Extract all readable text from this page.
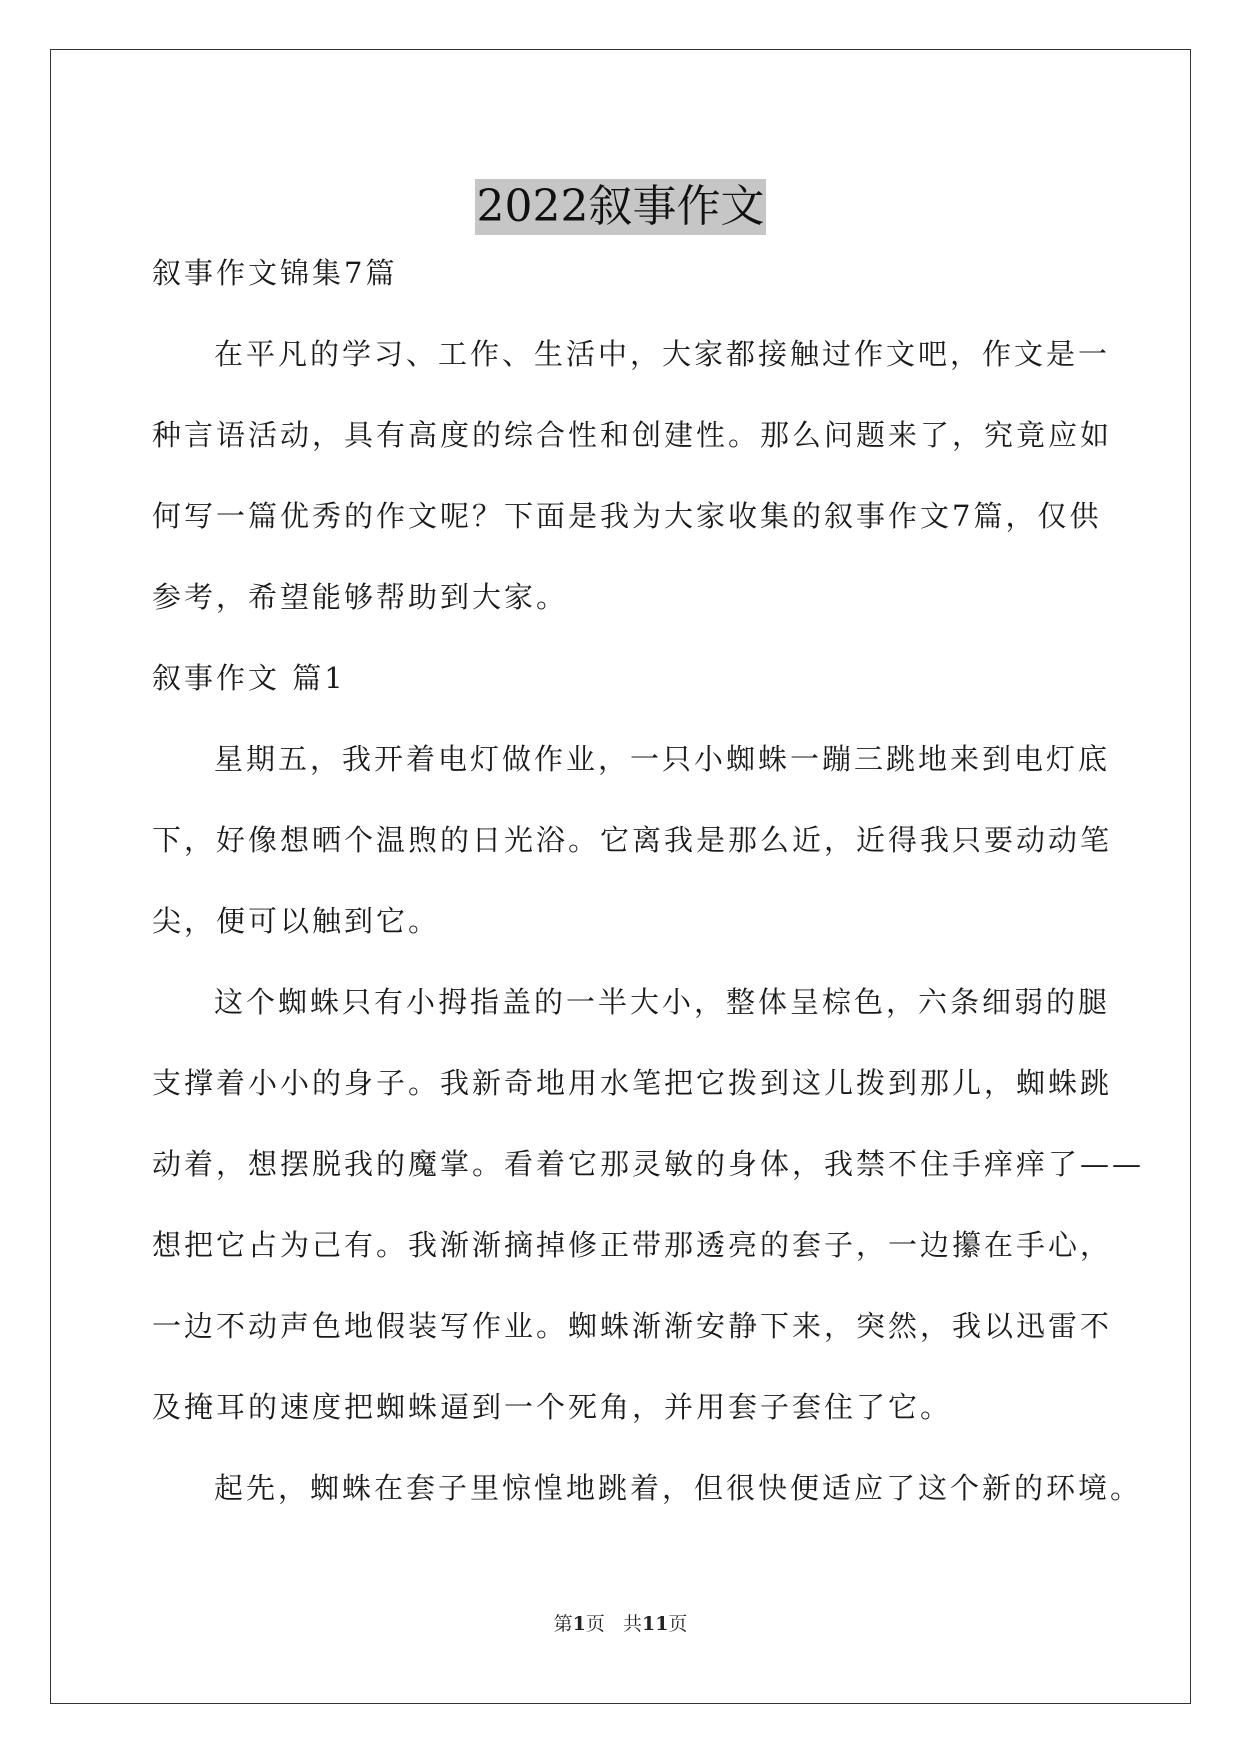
2022叙事作文
叙事作文锦集7篇
在平凡的学习、工作、生活中，大家都接触过作文吧，作文是一
种言语活动，具有高度的综合性和创建性。那么问题来了，究竟应如
何写一篇优秀的作文呢？下面是我为大家收集的叙事作文7篇，仅供
参考，希望能够帮助到大家。
叙事作文 篇1
星期五，我开着电灯做作业，一只小蜘蛛一蹦三跳地来到电灯底
下，好像想晒个温煦的日光浴。它离我是那么近，近得我只要动动笔
尖，便可以触到它。
这个蜘蛛只有小拇指盖的一半大小，整体呈棕色，六条细弱的腿
支撑着小小的身子。我新奇地用水笔把它拨到这儿拨到那儿，蜘蛛跳
动着，想摆脱我的魔掌。看着它那灵敏的身体，我禁不住手痒痒了——
想把它占为己有。我渐渐摘掉修正带那透亮的套子，一边攥在手心，
一边不动声色地假装写作业。蜘蛛渐渐安静下来，突然，我以迅雷不
及掩耳的速度把蜘蛛逼到一个死角，并用套子套住了它。
起先，蜘蛛在套子里惊惶地跳着，但很快便适应了这个新的环境。
第1页 共11页
